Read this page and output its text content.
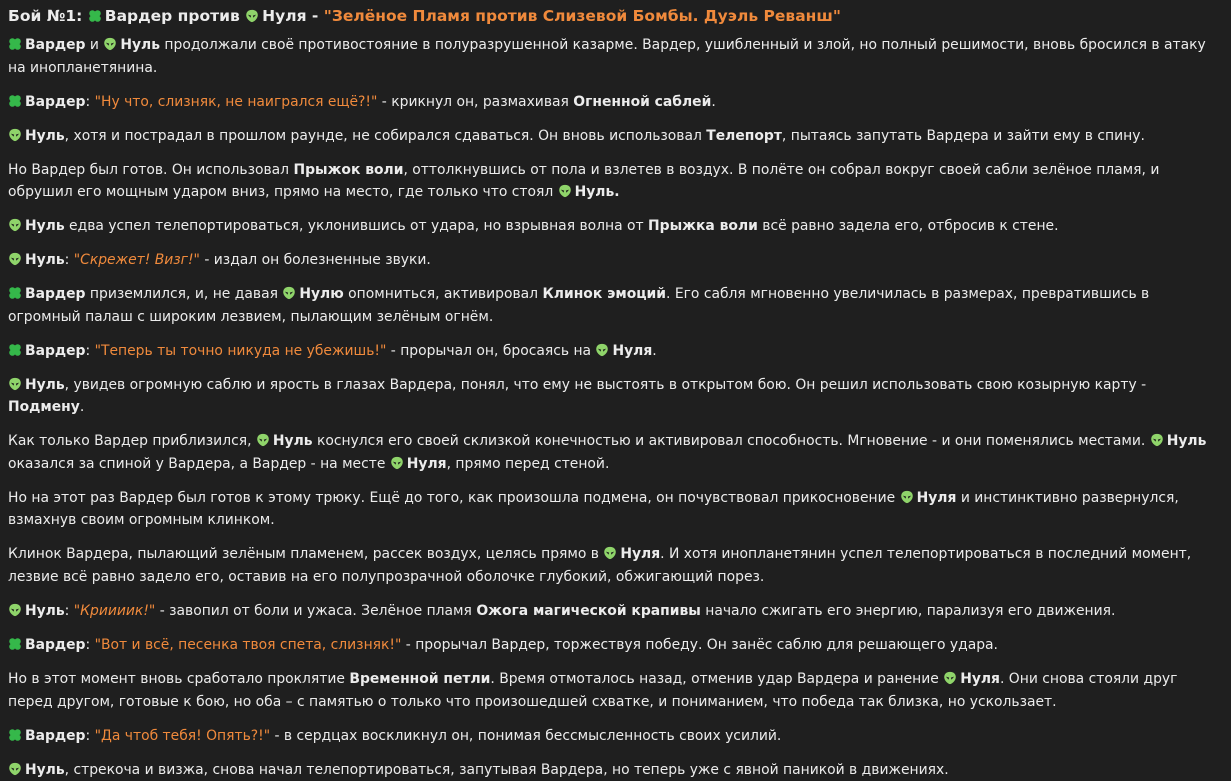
Бой №1:
Вардер против
Нуля - "Зелёное Пламя против Слизевой Бомбы. Дуэль Реванш"
Вардер и
Нуль продолжали своё противостояние в полуразрушенной казарме. Вардер, ушибленный и злой, но полный решимости, вновь бросился в атаку на инопланетянина.
Вардер: "Ну что, слизняк, не наигрался ещё?!" - крикнул он, размахивая Огненной саблей.
Нуль, хотя и пострадал в прошлом раунде, не собирался сдаваться. Он вновь использовал Телепорт, пытаясь запутать Вардера и зайти ему в спину.
Но Вардер был готов. Он использовал Прыжок воли, оттолкнувшись от пола и взлетев в воздух. В полёте он собрал вокруг своей сабли зелёное пламя, и обрушил его мощным ударом вниз, прямо на место, где только что стоял
Нуль.
Нуль едва успел телепортироваться, уклонившись от удара, но взрывная волна от Прыжка воли всё равно задела его, отбросив к стене.
Нуль: "Скрежет! Визг!" - издал он болезненные звуки.
Вардер приземлился, и, не давая
Нулю опомниться, активировал Клинок эмоций. Его сабля мгновенно увеличилась в размерах, превратившись в огромный палаш с широким лезвием, пылающим зелёным огнём.
Вардер: "Теперь ты точно никуда не убежишь!" - прорычал он, бросаясь на
Нуля.
Нуль, увидев огромную саблю и ярость в глазах Вардера, понял, что ему не выстоять в открытом бою. Он решил использовать свою козырную карту - Подмену.
Как только Вардер приблизился,
Нуль коснулся его своей склизкой конечностью и активировал способность. Мгновение - и они поменялись местами.
Нуль оказался за спиной у Вардера, а Вардер - на месте
Нуля, прямо перед стеной.
Но на этот раз Вардер был готов к этому трюку. Ещё до того, как произошла подмена, он почувствовал прикосновение
Нуля и инстинктивно развернулся, взмахнув своим огромным клинком.
Клинок Вардера, пылающий зелёным пламенем, рассек воздух, целясь прямо в
Нуля. И хотя инопланетянин успел телепортироваться в последний момент, лезвие всё равно задело его, оставив на его полупрозрачной оболочке глубокий, обжигающий порез.
Нуль: "Криииик!" - завопил от боли и ужаса. Зелёное пламя Ожога магической крапивы начало сжигать его энергию, парализуя его движения.
Вардер: "Вот и всё, песенка твоя спета, слизняк!" - прорычал Вардер, торжествуя победу. Он занёс саблю для решающего удара.
Но в этот момент вновь сработало проклятие Временной петли. Время отмоталось назад, отменив удар Вардера и ранение
Нуля. Они снова стояли друг перед другом, готовые к бою, но оба – с памятью о только что произошедшей схватке, и пониманием, что победа так близка, но ускользает.
Вардер: "Да чтоб тебя! Опять?!" - в сердцах воскликнул он, понимая бессмысленность своих усилий.
Нуль, стрекоча и визжа, снова начал телепортироваться, запутывая Вардера, но теперь уже с явной паникой в движениях.
